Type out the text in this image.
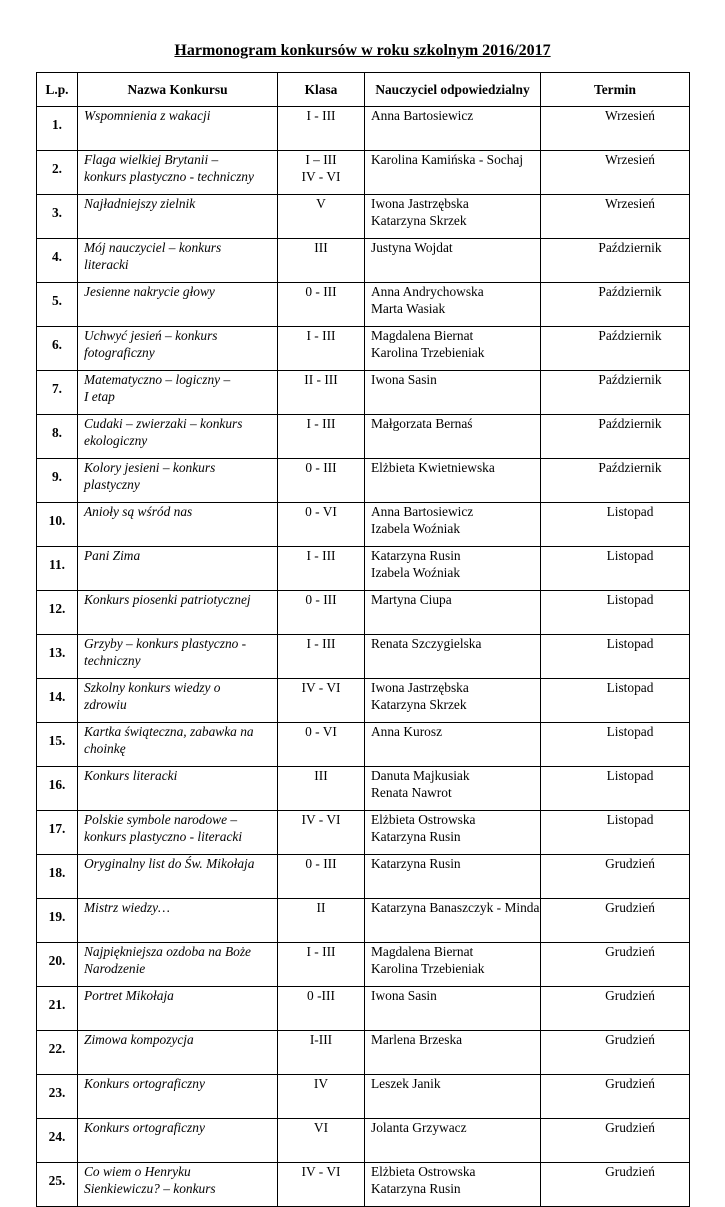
Harmonogram konkursów w roku szkolnym 2016/2017
L.p.	Nazwa Konkursu	Klasa	Nauczyciel odpowiedzialny	Termin

1.	Wspomnienia z wakacji	I - III	Anna Bartosiewicz	Wrzesień

2.	Flaga wielkiej Brytanii –
konkurs plastyczno - techniczny	I – III
IV - VI	Karolina Kamińska - Sochaj	Wrzesień

3.	Najładniejszy zielnik	V	Iwona Jastrzębska
Katarzyna Skrzek	Wrzesień

4.	Mój nauczyciel – konkurs
literacki	III	Justyna Wojdat	Październik

5.	Jesienne nakrycie głowy	0 - III	Anna Andrychowska
Marta Wasiak	Październik

6.	Uchwyć jesień – konkurs
fotograficzny	I - III	Magdalena Biernat
Karolina Trzebieniak	Październik

7.	Matematyczno – logiczny –
I etap	II - III	Iwona Sasin	Październik

8.	Cudaki – zwierzaki – konkurs
ekologiczny	I - III	Małgorzata Bernaś	Październik

9.	Kolory jesieni – konkurs
plastyczny	0 - III	Elżbieta Kwietniewska	Październik

10.	Anioły są wśród nas	0 - VI	Anna Bartosiewicz
Izabela Woźniak	Listopad

11.	Pani Zima	I - III	Katarzyna Rusin
Izabela Woźniak	Listopad

12.	Konkurs piosenki patriotycznej	0 - III	Martyna Ciupa	Listopad

13.	Grzyby – konkurs plastyczno -
techniczny	I - III	Renata Szczygielska	Listopad

14.	Szkolny konkurs wiedzy o
zdrowiu	IV - VI	Iwona Jastrzębska
Katarzyna Skrzek	Listopad

15.	Kartka świąteczna, zabawka na
choinkę	0 - VI	Anna Kurosz	Listopad

16.	Konkurs literacki	III	Danuta Majkusiak
Renata Nawrot	Listopad

17.	Polskie symbole narodowe –
konkurs plastyczno - literacki	IV - VI	Elżbieta Ostrowska
Katarzyna Rusin	Listopad

18.	Oryginalny list do Św. Mikołaja	0 - III	Katarzyna Rusin	Grudzień

19.	Mistrz wiedzy…	II	Katarzyna Banaszczyk - Minda	Grudzień

20.	Najpiękniejsza ozdoba na Boże
Narodzenie	I - III	Magdalena Biernat
Karolina Trzebieniak	Grudzień

21.	Portret Mikołaja	0 -III	Iwona Sasin	Grudzień

22.	Zimowa kompozycja	I-III	Marlena Brzeska	Grudzień

23.	Konkurs ortograficzny	IV	Leszek Janik	Grudzień

24.	Konkurs ortograficzny	VI	Jolanta Grzywacz	Grudzień

25.	Co wiem o Henryku
Sienkiewiczu? – konkurs	IV - VI	Elżbieta Ostrowska
Katarzyna Rusin	Grudzień
